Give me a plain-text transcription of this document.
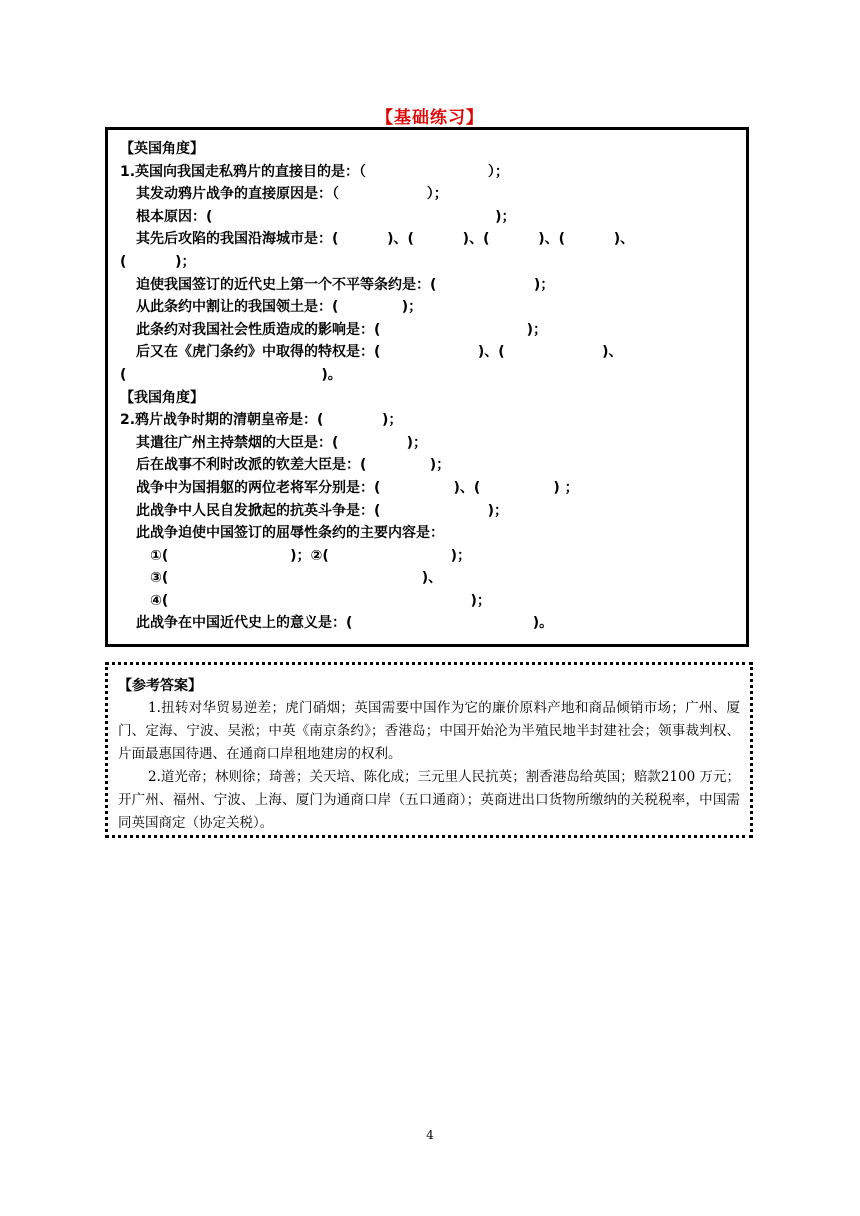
【基础练习】
【英国角度】
1.英国向我国走私鸦片的直接目的是：（                         ）；
其发动鸦片战争的直接原因是：（                  ）；
根本原因：(                                                          )；
其先后攻陷的我国沿海城市是：(          )、(          )、(          )、(          )、
(          )；
迫使我国签订的近代史上第一个不平等条约是：(                    )；
从此条约中割让的我国领土是：(             )；
此条约对我国社会性质造成的影响是：(                              )；
后又在《虎门条约》中取得的特权是：(                    )、(                    )、
(                                        )。
【我国角度】
2.鸦片战争时期的清朝皇帝是：(            )；
其遣往广州主持禁烟的大臣是：(              )；
后在战事不利时改派的钦差大臣是：(             )；
战争中为国捐躯的两位老将军分别是：(               )、(               ) ；
此战争中人民自发掀起的抗英斗争是：(                      )；
此战争迫使中国签订的屈辱性条约的主要内容是：
①(                         )；②(                         )；
③(                                                    )、
④(                                                              )；
此战争在中国近代史上的意义是：(                                     )。
【参考答案】

1.扭转对华贸易逆差；虎门硝烟；英国需要中国作为它的廉价原料产地和商品倾销市场；广州、厦门、定海、宁波、吴淞；中英《南京条约》；香港岛；中国开始沦为半殖民地半封建社会；领事裁判权、片面最惠国待遇、在通商口岸租地建房的权利。

2.道光帝；林则徐；琦善；关天培、陈化成；三元里人民抗英；割香港岛给英国；赔款2100 万元；开广州、福州、宁波、上海、厦门为通商口岸（五口通商）；英商进出口货物所缴纳的关税税率，中国需同英国商定（协定关税）。

4
